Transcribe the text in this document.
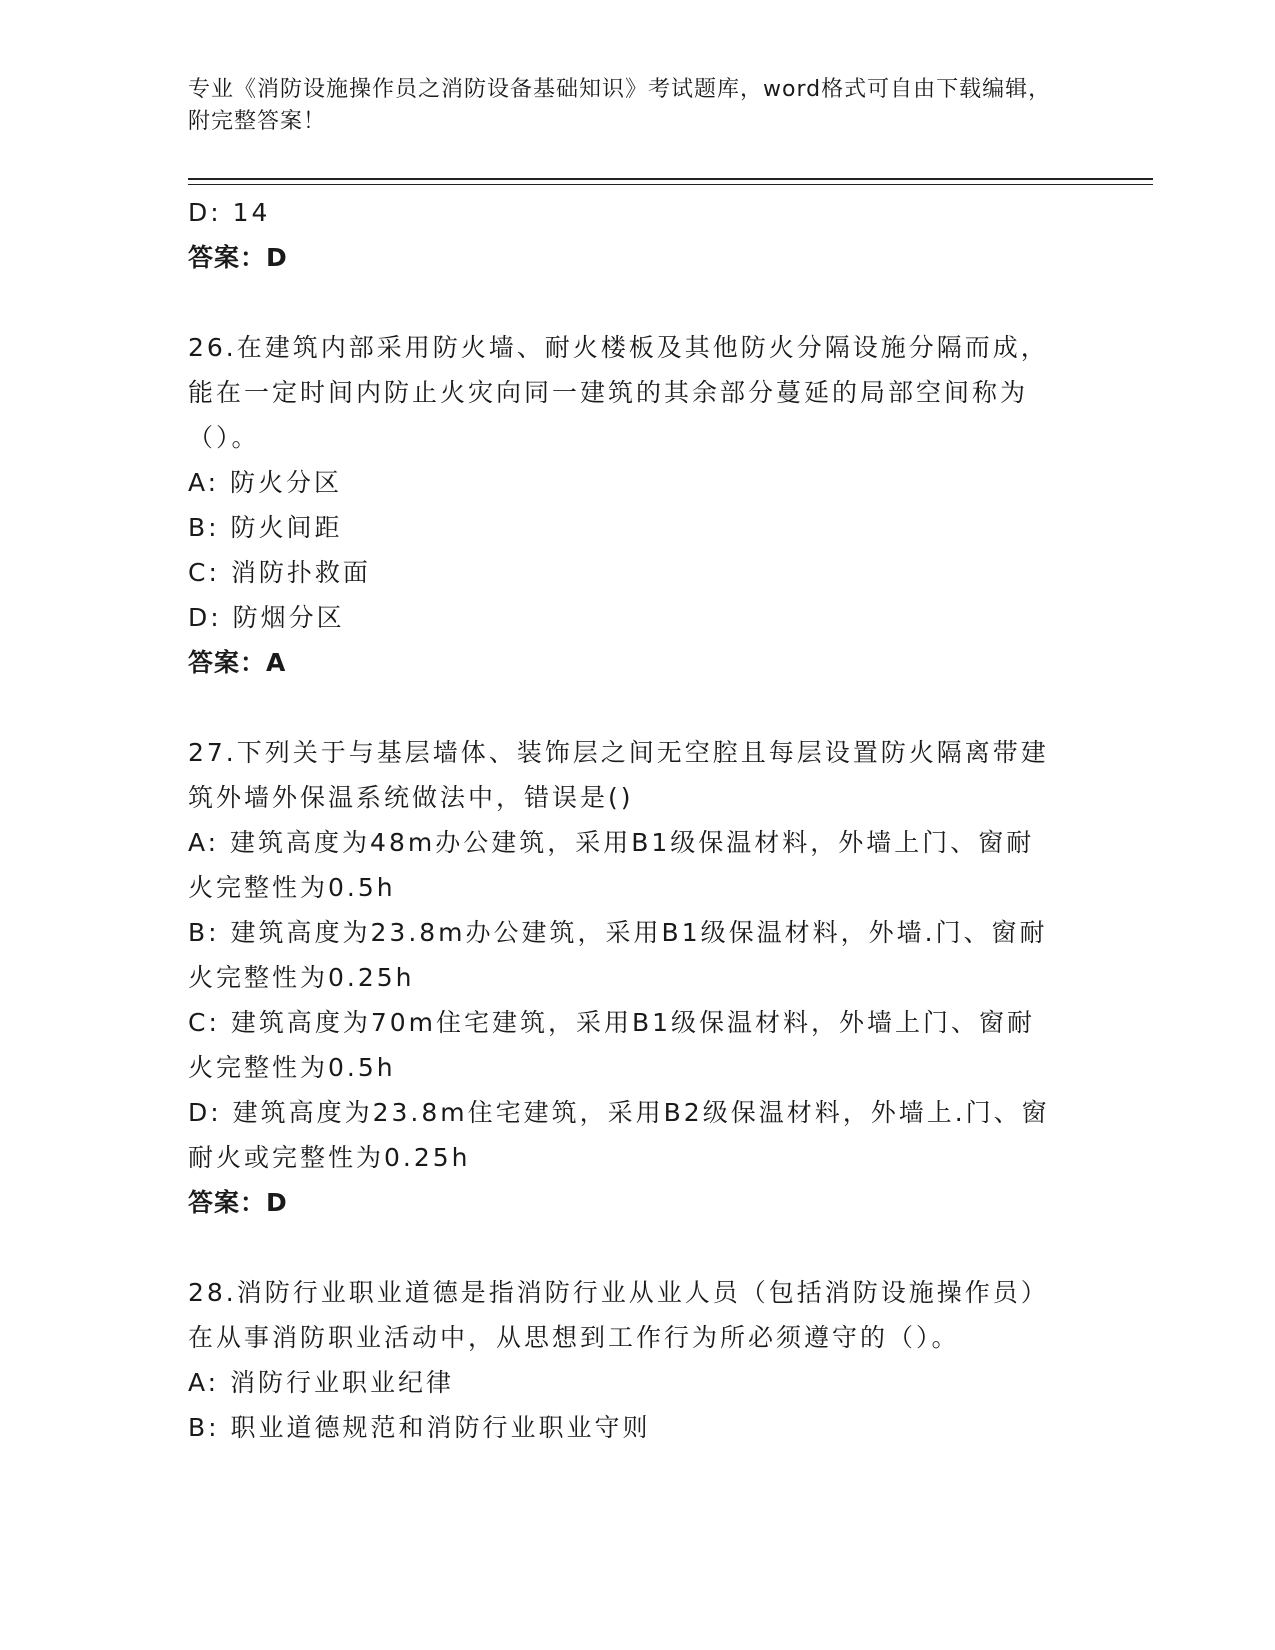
专业《消防设施操作员之消防设备基础知识》考试题库，word格式可自由下载编辑，附完整答案！

D: 14

答案：D

26.在建筑内部采用防火墙、耐火楼板及其他防火分隔设施分隔而成，

能在一定时间内防止火灾向同一建筑的其余部分蔓延的局部空间称为

（）。

A: 防火分区

B: 防火间距

C: 消防扑救面

D: 防烟分区

答案：A

27.下列关于与基层墙体、装饰层之间无空腔且每层设置防火隔离带建

筑外墙外保温系统做法中，错误是()

A: 建筑高度为48m办公建筑，采用B1级保温材料，外墙上门、窗耐

火完整性为0.5h

B: 建筑高度为23.8m办公建筑，采用B1级保温材料，外墙.门、窗耐

火完整性为0.25h

C: 建筑高度为70m住宅建筑，采用B1级保温材料，外墙上门、窗耐

火完整性为0.5h

D: 建筑高度为23.8m住宅建筑，采用B2级保温材料，外墙上.门、窗

耐火或完整性为0.25h

答案：D

28.消防行业职业道德是指消防行业从业人员（包括消防设施操作员）

在从事消防职业活动中，从思想到工作行为所必须遵守的（）。

A: 消防行业职业纪律

B: 职业道德规范和消防行业职业守则
